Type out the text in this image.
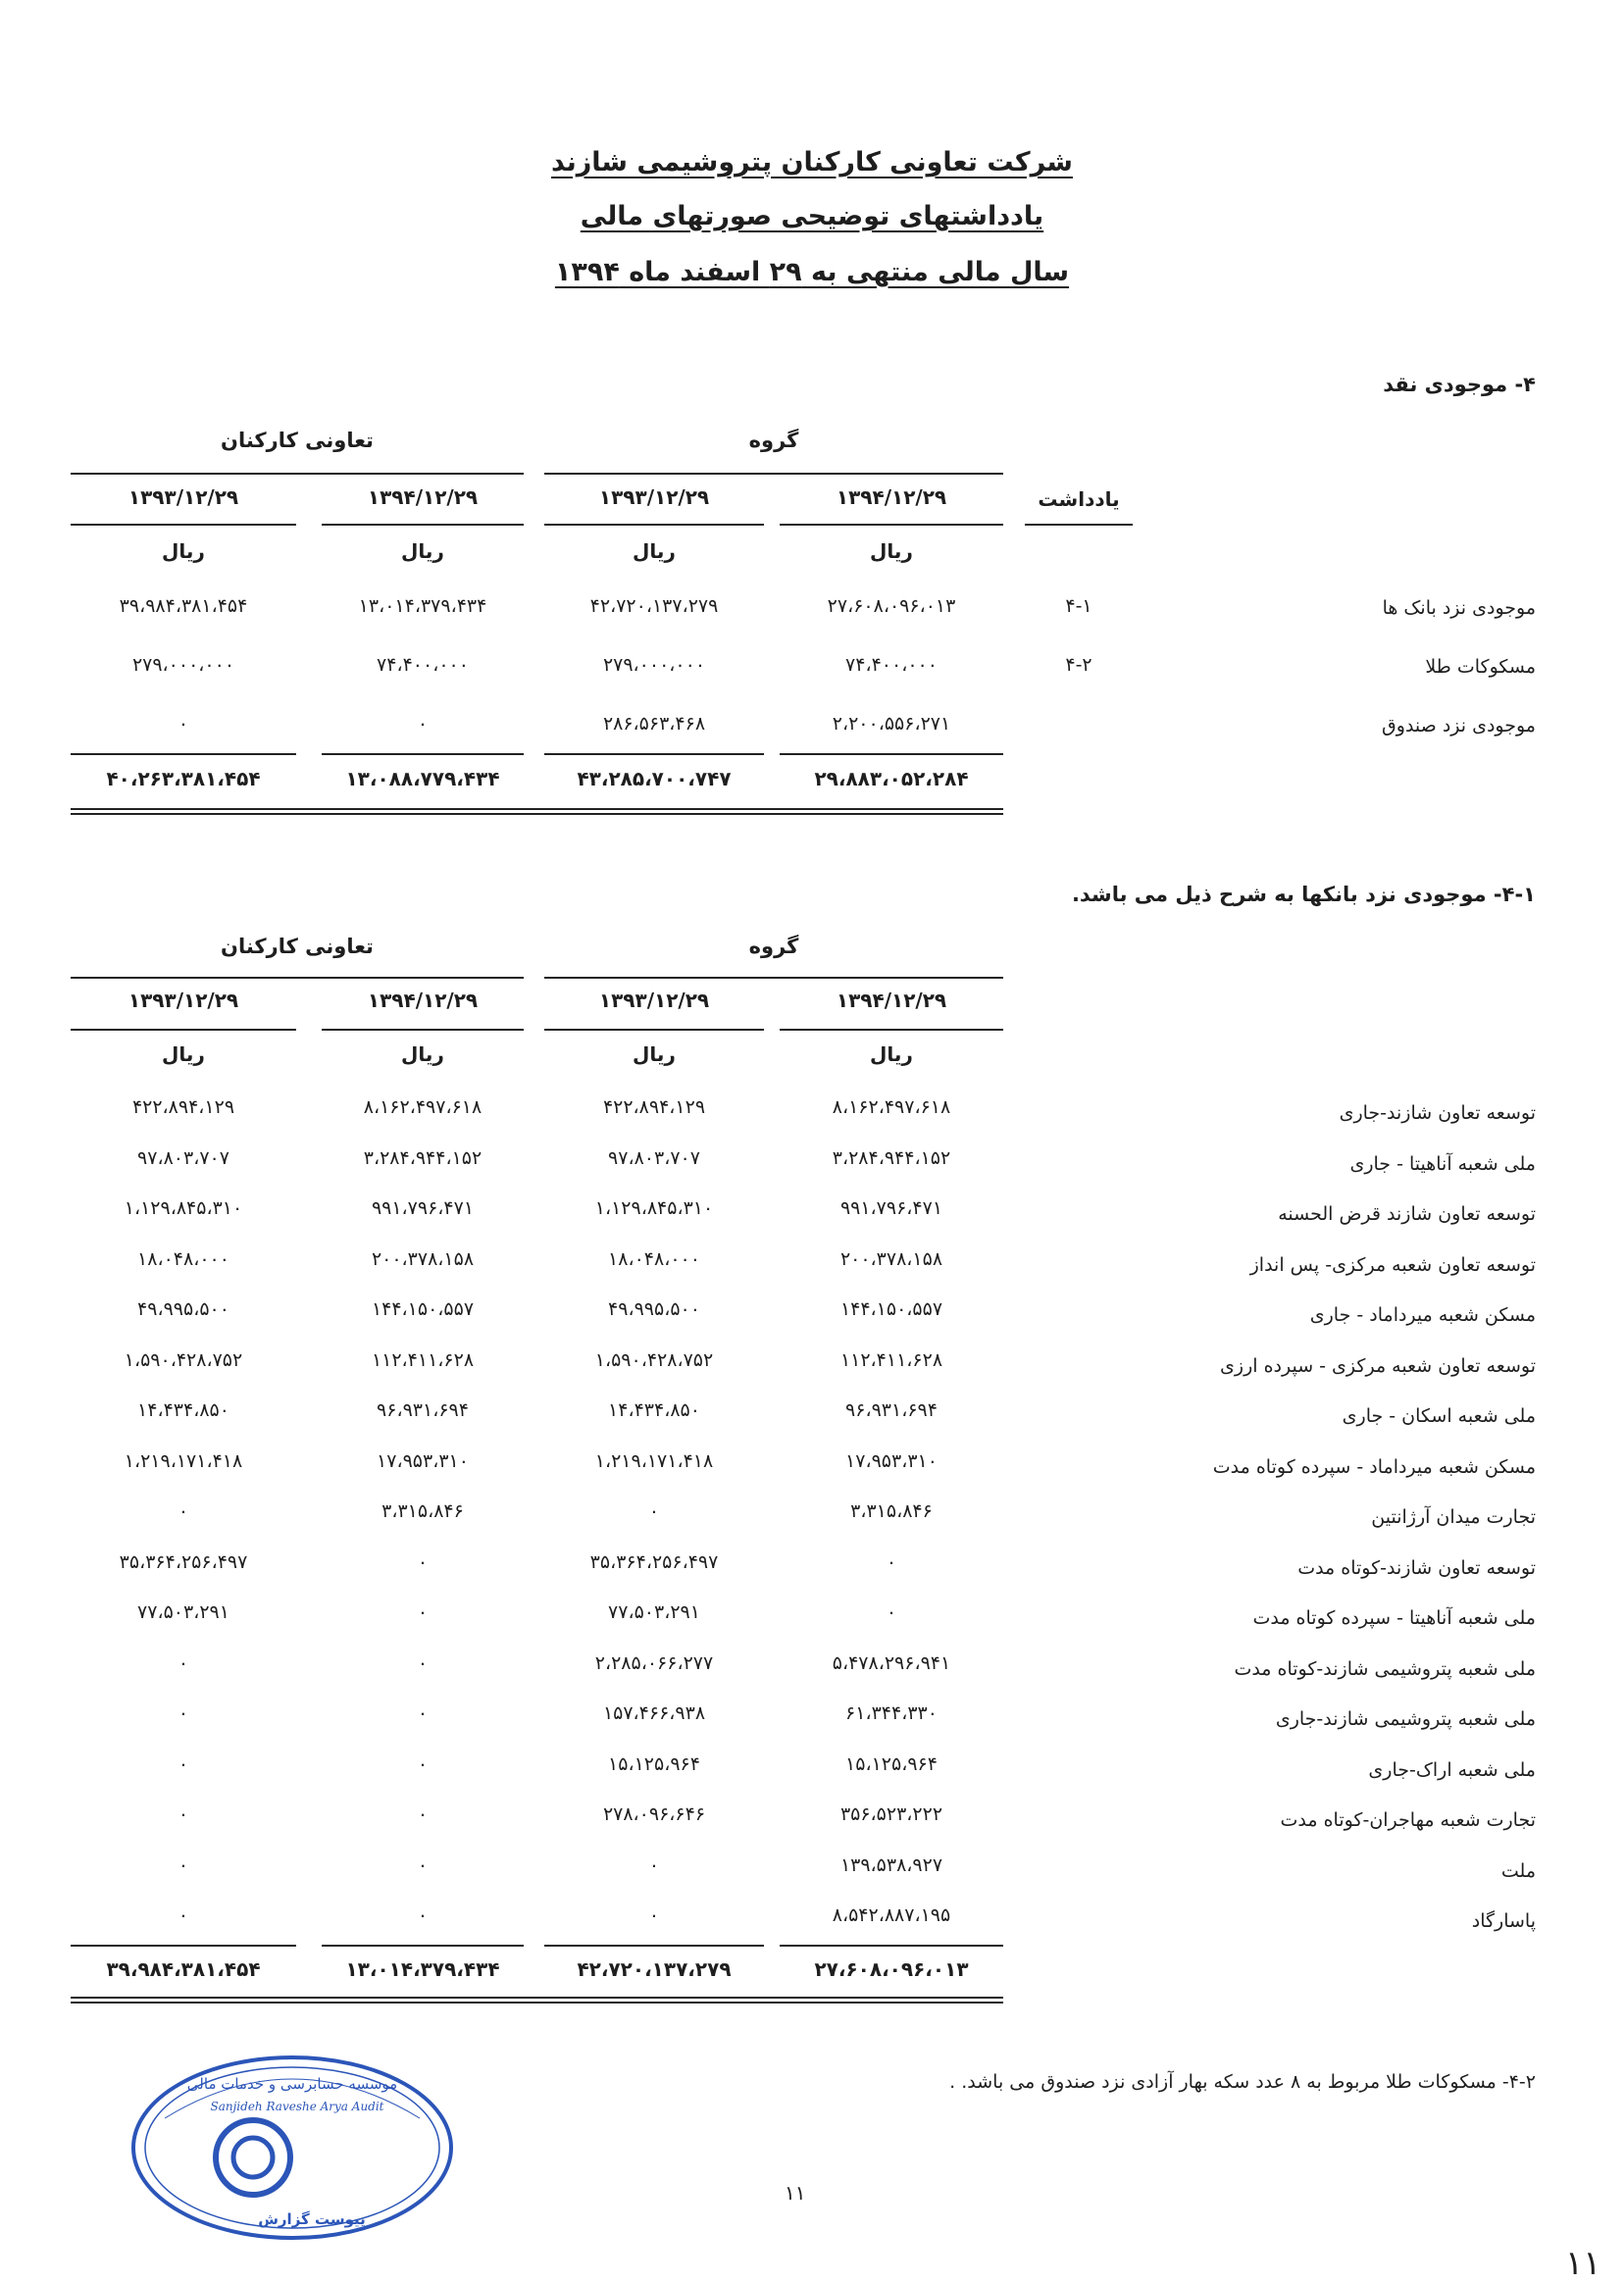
شرکت تعاونی کارکنان پتروشیمی شازند
یادداشتهای توضیحی صورتهای مالی
سال مالی منتهی به ۲۹ اسفند ماه ۱۳۹۴
۴- موجودی نقد
گروه
تعاونی کارکنان
۱۳۹۴/۱۲/۲۹
۱۳۹۳/۱۲/۲۹
۱۳۹۴/۱۲/۲۹
۱۳۹۳/۱۲/۲۹	یادداشت
ریال
ریال
ریال
ریال
موجودی نزد بانک ها
۴-۱
۲۷،۶۰۸،۰۹۶،۰۱۳
۴۲،۷۲۰،۱۳۷،۲۷۹
۱۳،۰۱۴،۳۷۹،۴۳۴
۳۹،۹۸۴،۳۸۱،۴۵۴
مسکوکات طلا
۴-۲
۷۴،۴۰۰،۰۰۰
۲۷۹،۰۰۰،۰۰۰
۷۴،۴۰۰،۰۰۰
۲۷۹،۰۰۰،۰۰۰
موجودی نزد صندوق
۲،۲۰۰،۵۵۶،۲۷۱
۲۸۶،۵۶۳،۴۶۸
۰
۰
۲۹،۸۸۳،۰۵۲،۲۸۴
۴۳،۲۸۵،۷۰۰،۷۴۷
۱۳،۰۸۸،۷۷۹،۴۳۴
۴۰،۲۶۳،۳۸۱،۴۵۴
۴-۱- موجودی نزد بانکها به شرح ذیل می باشد.
گروه
تعاونی کارکنان
۱۳۹۴/۱۲/۲۹
۱۳۹۳/۱۲/۲۹
۱۳۹۴/۱۲/۲۹
۱۳۹۳/۱۲/۲۹
ریال
ریال
ریال
ریال
توسعه تعاون شازند-جاری
۸،۱۶۲،۴۹۷،۶۱۸
۴۲۲،۸۹۴،۱۲۹
۸،۱۶۲،۴۹۷،۶۱۸
۴۲۲،۸۹۴،۱۲۹
ملی شعبه آناهیتا - جاری
۳،۲۸۴،۹۴۴،۱۵۲
۹۷،۸۰۳،۷۰۷
۳،۲۸۴،۹۴۴،۱۵۲
۹۷،۸۰۳،۷۰۷
توسعه تعاون شازند قرض الحسنه
۹۹۱،۷۹۶،۴۷۱
۱،۱۲۹،۸۴۵،۳۱۰
۹۹۱،۷۹۶،۴۷۱
۱،۱۲۹،۸۴۵،۳۱۰
توسعه تعاون شعبه مرکزی- پس انداز
۲۰۰،۳۷۸،۱۵۸
۱۸،۰۴۸،۰۰۰
۲۰۰،۳۷۸،۱۵۸
۱۸،۰۴۸،۰۰۰
مسکن شعبه میرداماد - جاری
۱۴۴،۱۵۰،۵۵۷
۴۹،۹۹۵،۵۰۰
۱۴۴،۱۵۰،۵۵۷
۴۹،۹۹۵،۵۰۰
توسعه تعاون شعبه مرکزی - سپرده ارزی
۱۱۲،۴۱۱،۶۲۸
۱،۵۹۰،۴۲۸،۷۵۲
۱۱۲،۴۱۱،۶۲۸
۱،۵۹۰،۴۲۸،۷۵۲
ملی شعبه اسکان - جاری
۹۶،۹۳۱،۶۹۴
۱۴،۴۳۴،۸۵۰
۹۶،۹۳۱،۶۹۴
۱۴،۴۳۴،۸۵۰
مسکن شعبه میرداماد - سپرده کوتاه مدت
۱۷،۹۵۳،۳۱۰
۱،۲۱۹،۱۷۱،۴۱۸
۱۷،۹۵۳،۳۱۰
۱،۲۱۹،۱۷۱،۴۱۸
تجارت میدان آرژانتین
۳،۳۱۵،۸۴۶
۰
۳،۳۱۵،۸۴۶
۰
توسعه تعاون شازند-کوتاه مدت
۰
۳۵،۳۶۴،۲۵۶،۴۹۷
۰
۳۵،۳۶۴،۲۵۶،۴۹۷
ملی شعبه آناهیتا - سپرده کوتاه مدت
۰
۷۷،۵۰۳،۲۹۱
۰
۷۷،۵۰۳،۲۹۱
ملی شعبه پتروشیمی شازند-کوتاه مدت
۵،۴۷۸،۲۹۶،۹۴۱
۲،۲۸۵،۰۶۶،۲۷۷
۰
۰
ملی شعبه پتروشیمی شازند-جاری
۶۱،۳۴۴،۳۳۰
۱۵۷،۴۶۶،۹۳۸
۰
۰
ملی شعبه اراک-جاری
۱۵،۱۲۵،۹۶۴
۱۵،۱۲۵،۹۶۴
۰
۰
تجارت شعبه مهاجران-کوتاه مدت
۳۵۶،۵۲۳،۲۲۲
۲۷۸،۰۹۶،۶۴۶
۰
۰
ملت
۱۳۹،۵۳۸،۹۲۷
۰
۰
۰
پاسارگاد
۸،۵۴۲،۸۸۷،۱۹۵
۰
۰
۰
۲۷،۶۰۸،۰۹۶،۰۱۳
۴۲،۷۲۰،۱۳۷،۲۷۹
۱۳،۰۱۴،۳۷۹،۴۳۴
۳۹،۹۸۴،۳۸۱،۴۵۴
۴-۲- مسکوکات طلا مربوط به ۸ عدد سکه بهار آزادی نزد صندوق می باشد. .
موسسه حسابرسی و خدمات مالی
Sanjideh Raveshe Arya Audit
پیوست گزارش
۱۱
۱۱
